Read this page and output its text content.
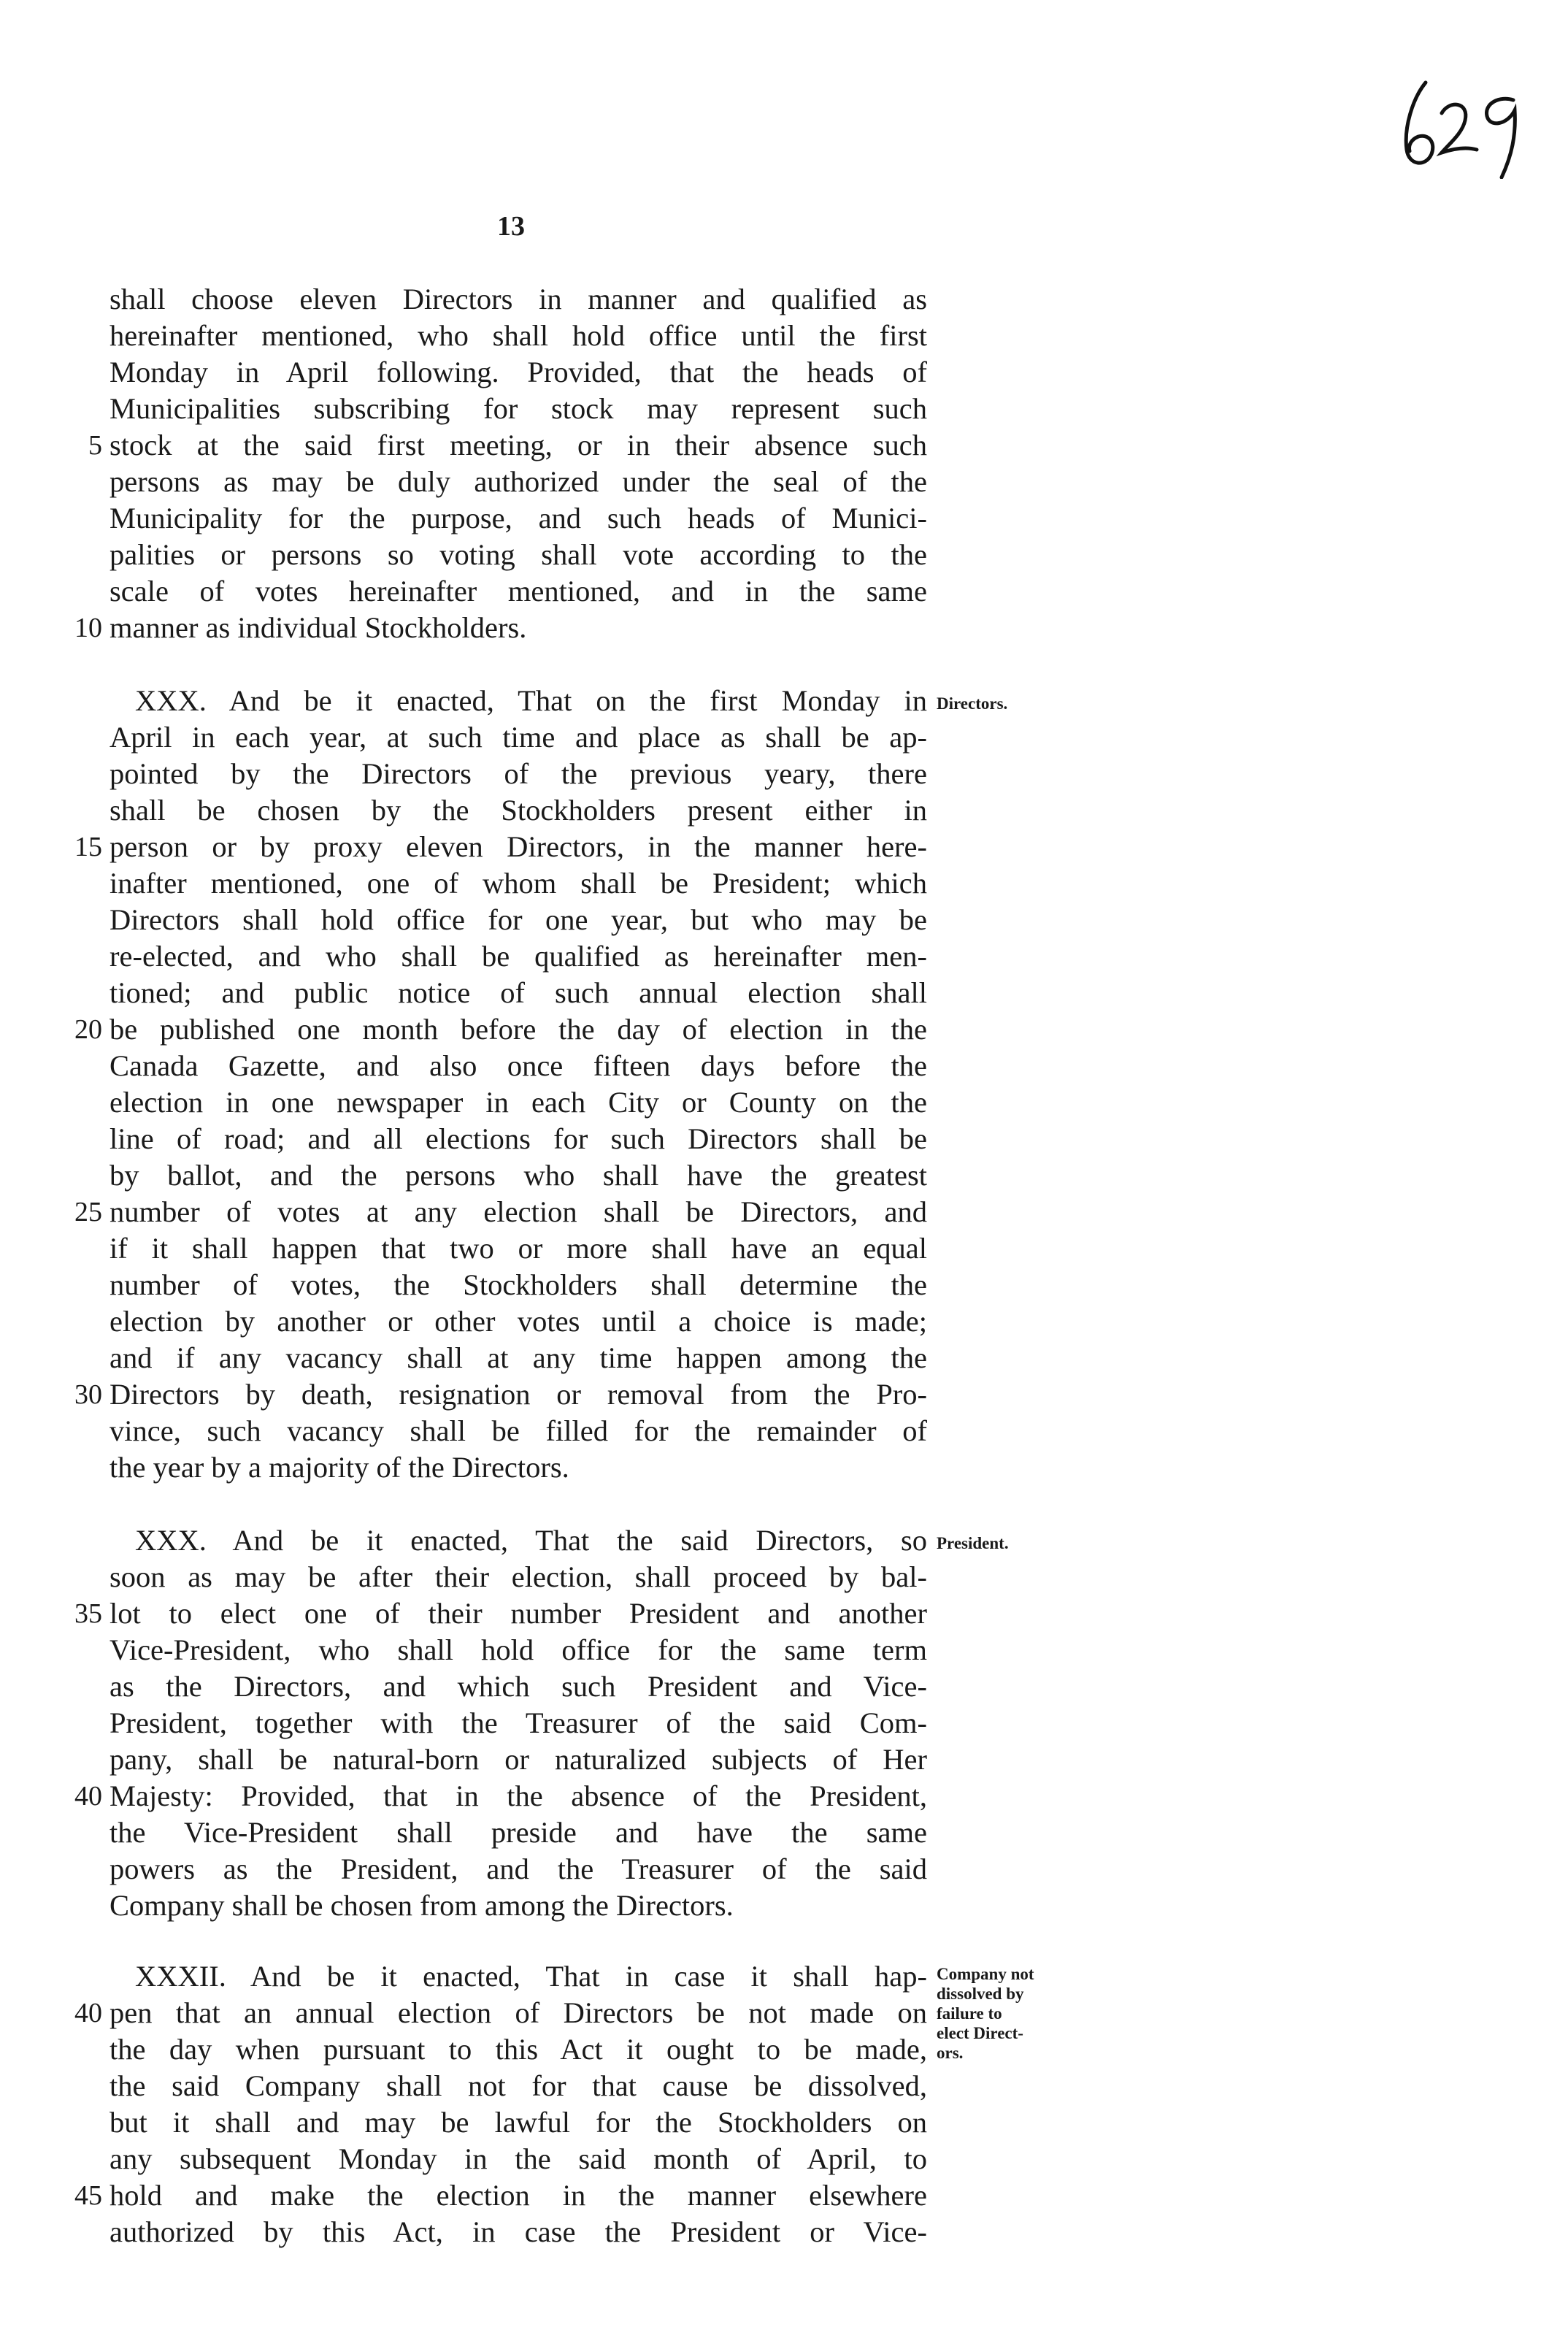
13
shall choose eleven Directors in manner and qualified as
hereinafter mentioned, who shall hold office until the first
Monday in April following. Provided, that the heads of
Municipalities subscribing for stock may represent such
5 stock at the said first meeting, or in their absence such
persons as may be duly authorized under the seal of the
Municipality for the purpose, and such heads of Munici-
palities or persons so voting shall vote according to the
scale of votes hereinafter mentioned, and in the same
10 manner as individual Stockholders.
XXX. And be it enacted, That on the first Monday in Directors.
April in each year, at such time and place as shall be ap-
pointed by the Directors of the previous yeary, there
shall be chosen by the Stockholders present either in
15 person or by proxy eleven Directors, in the manner here-
inafter mentioned, one of whom shall be President; which
Directors shall hold office for one year, but who may be
re-elected, and who shall be qualified as hereinafter men-
tioned; and public notice of such annual election shall
20 be published one month before the day of election in the
Canada Gazette, and also once fifteen days before the
election in one newspaper in each City or County on the
line of road; and all elections for such Directors shall be
by ballot, and the persons who shall have the greatest
25 number of votes at any election shall be Directors, and
if it shall happen that two or more shall have an equal
number of votes, the Stockholders shall determine the
election by another or other votes until a choice is made;
and if any vacancy shall at any time happen among the
30 Directors by death, resignation or removal from the Pro-
vince, such vacancy shall be filled for the remainder of
the year by a majority of the Directors.
XXX. And be it enacted, That the said Directors, so President.
soon as may be after their election, shall proceed by bal-
35 lot to elect one of their number President and another
Vice-President, who shall hold office for the same term
as the Directors, and which such President and Vice-
President, together with the Treasurer of the said Com-
pany, shall be natural-born or naturalized subjects of Her
40 Majesty: Provided, that in the absence of the President,
the Vice-President shall preside and have the same
powers as the President, and the Treasurer of the said
Company shall be chosen from among the Directors.
XXXII. And be it enacted, That in case it shall hap- Company not
dissolved by
failure to
elect Direct-
ors.
40 pen that an annual election of Directors be not made on
the day when pursuant to this Act it ought to be made,
the said Company shall not for that cause be dissolved,
but it shall and may be lawful for the Stockholders on
any subsequent Monday in the said month of April, to
45 hold and make the election in the manner elsewhere
authorized by this Act, in case the President or Vice-
